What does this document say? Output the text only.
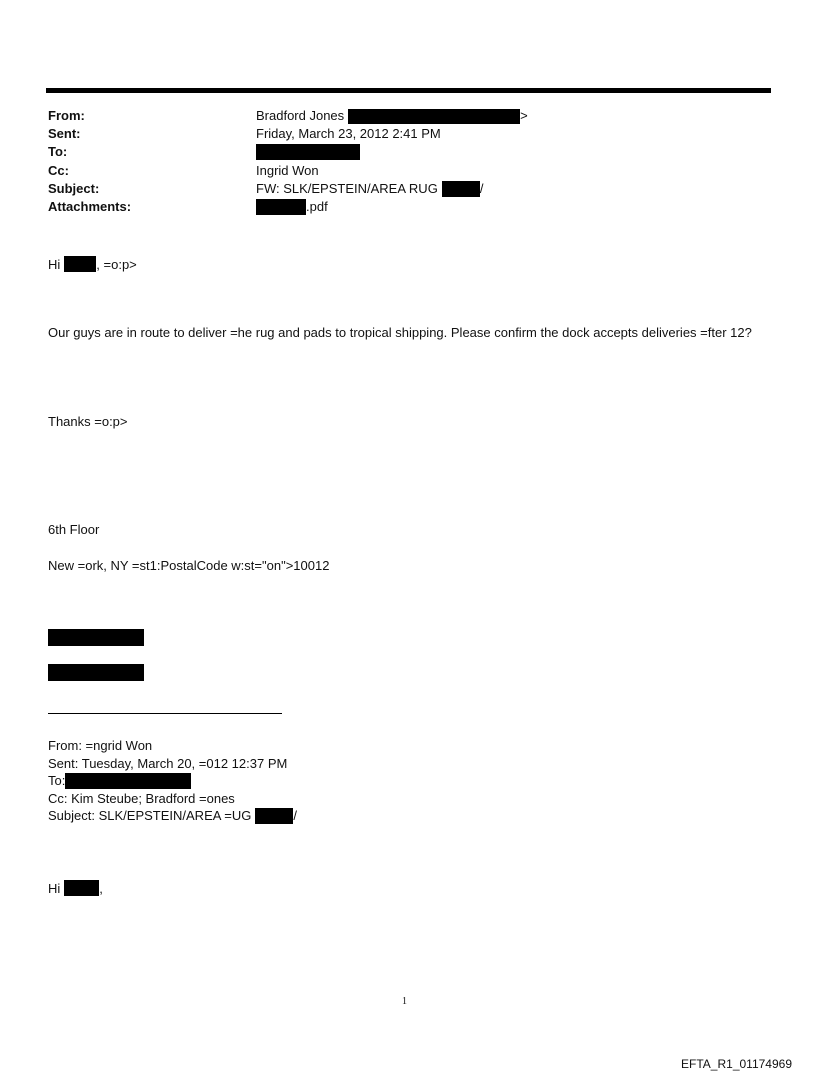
From:	Bradford Jones	>
Sent:	Friday, March 23, 2012 2:41 PM
To:
Cc:	Ingrid Won
Subject:	FW: SLK/EPSTEIN/AREA RUG	/
Attachments:	.pdf
Hi	, =o:p>
Our guys are in route to deliver =he rug and pads to tropical shipping. Please confirm the dock accepts deliveries =fter 12?
Thanks =o:p>
6th Floor
New =ork, NY =st1:PostalCode w:st="on">10012
From: =ngrid Won
Sent: Tuesday, March 20, =012 12:37 PM
To:
Cc: Kim Steube; Bradford =ones
Subject: SLK/EPSTEIN/AREA =UG	/
Hi	,
1
EFTA_R1_01174969
